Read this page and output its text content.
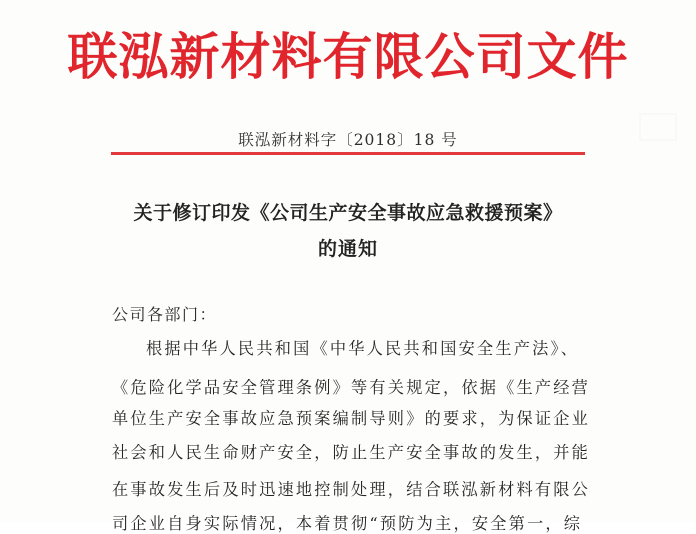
联泓新材料有限公司文件
联泓新材料字〔2018〕18 号
关于修订印发《公司生产安全事故应急救援预案》
的通知
公司各部门：
根据中华人民共和国《中华人民共和国安全生产法》、
《危险化学品安全管理条例》等有关规定，依据《生产经营
单位生产安全事故应急预案编制导则》的要求，为保证企业
社会和人民生命财产安全，防止生产安全事故的发生，并能
在事故发生后及时迅速地控制处理，结合联泓新材料有限公
司企业自身实际情况，本着贯彻“预防为主，安全第一，综
